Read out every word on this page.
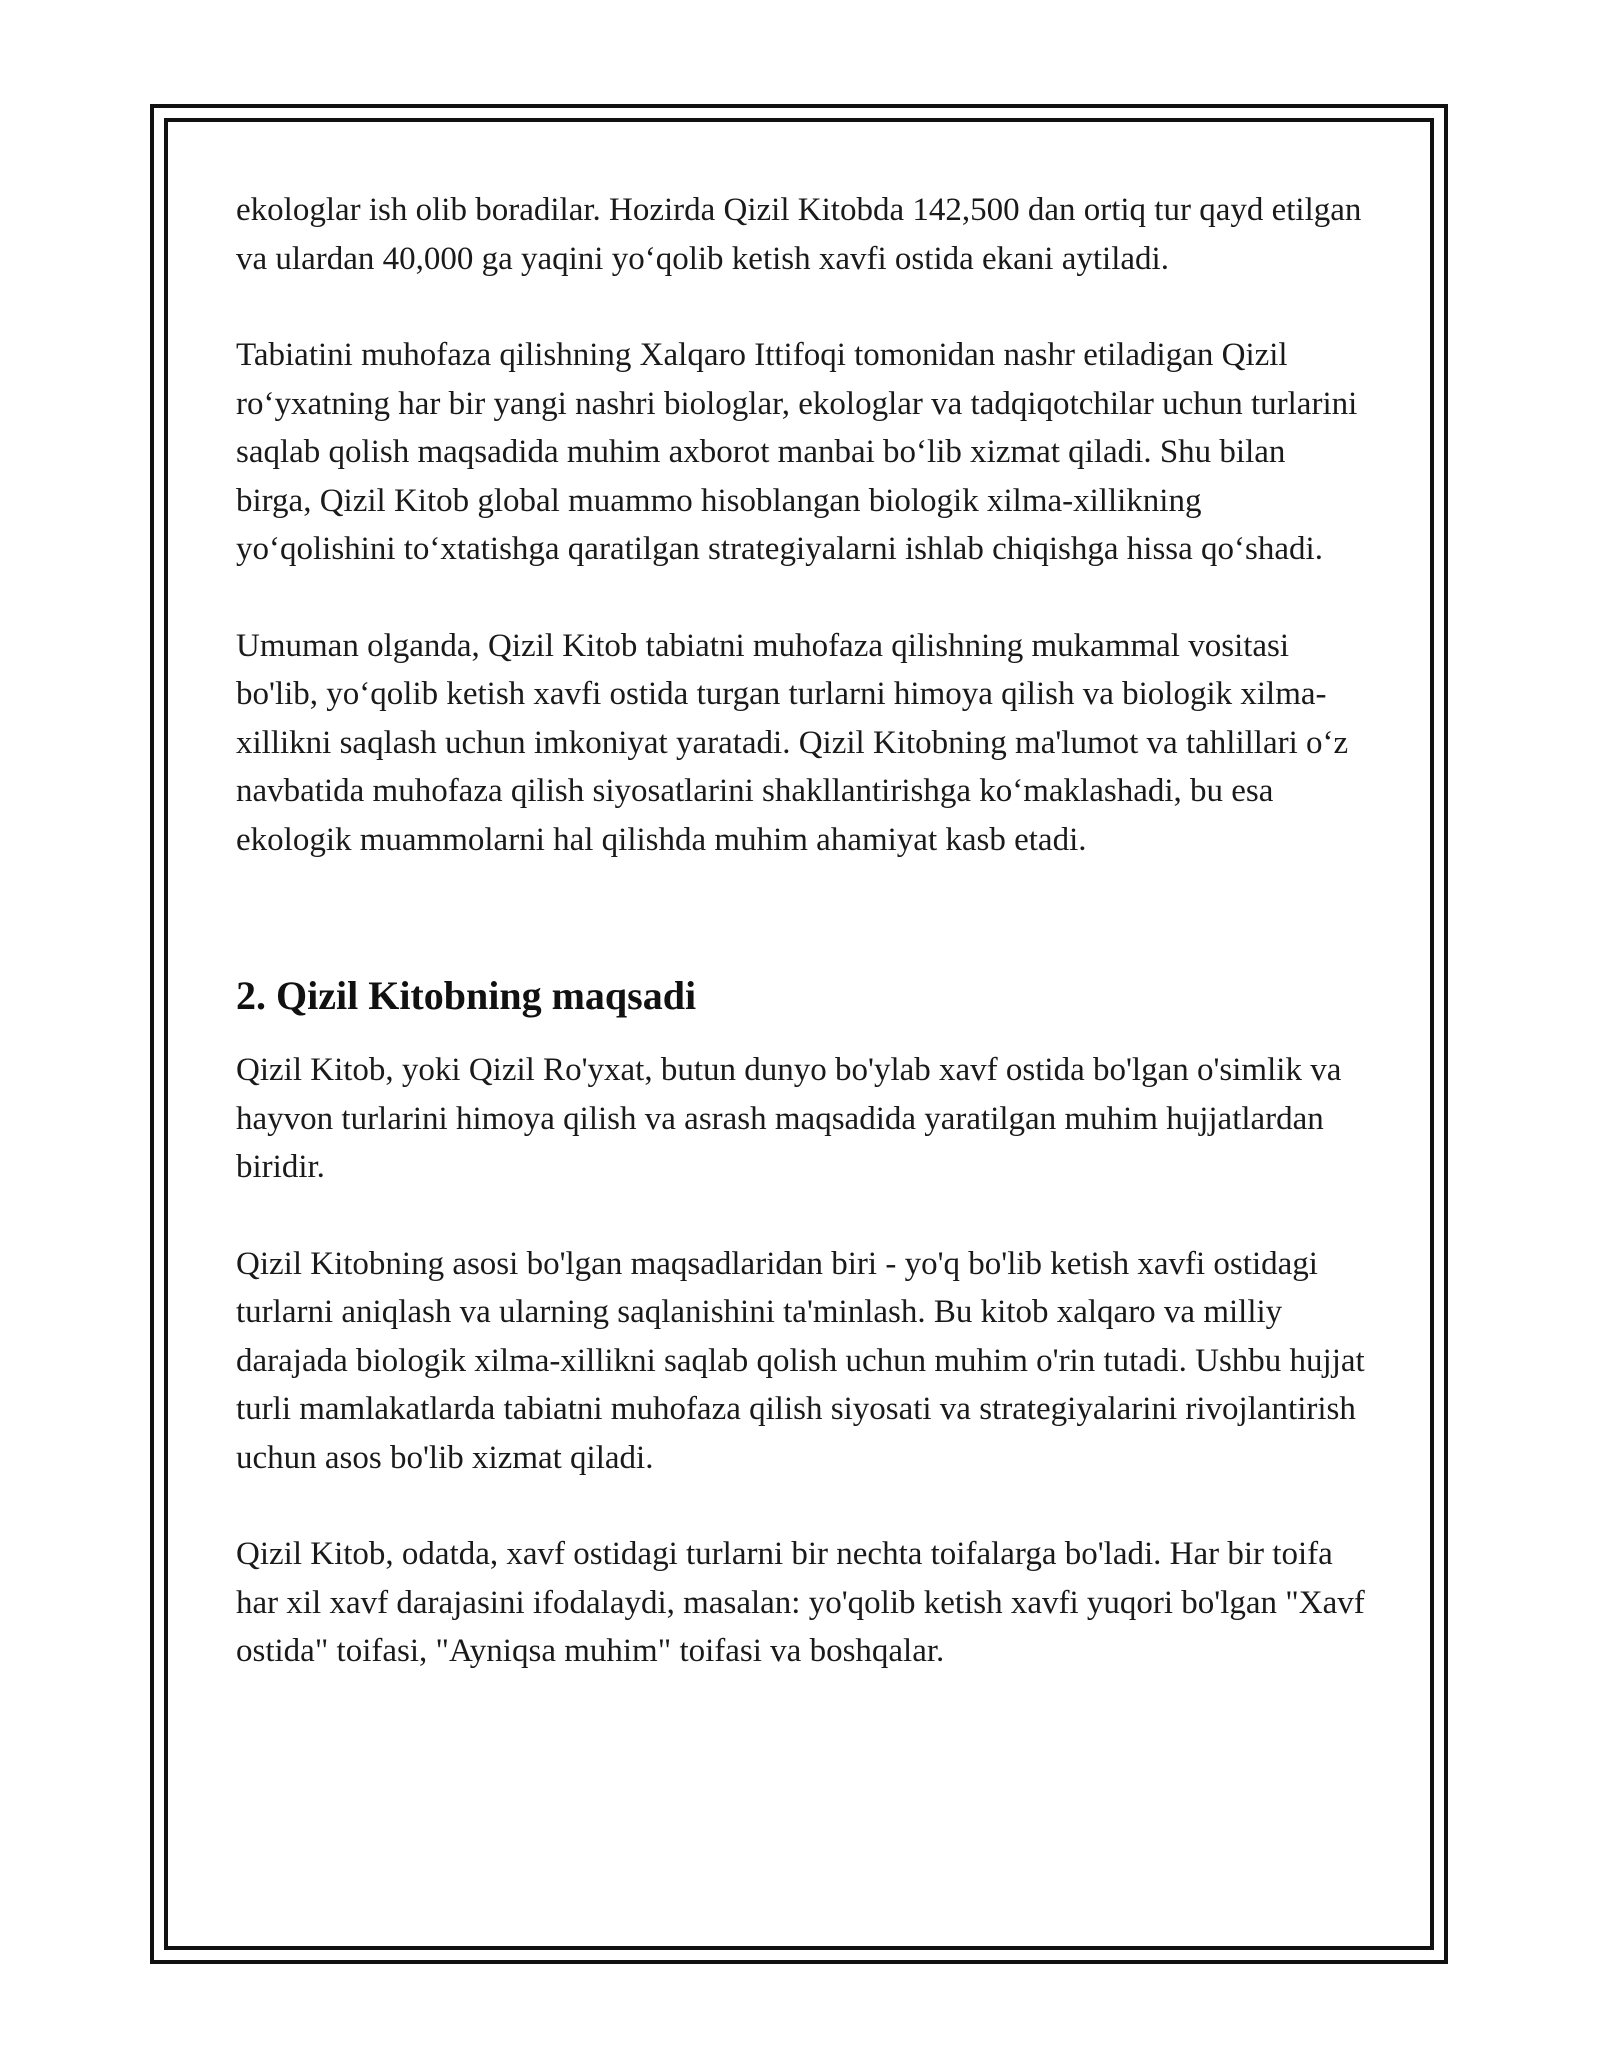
ekologlar ish olib boradilar. Hozirda Qizil Kitobda 142,500 dan ortiq tur qayd etilgan va ulardan 40,000 ga yaqini yo‘qolib ketish xavfi ostida ekani aytiladi.

Tabiatini muhofaza qilishning Xalqaro Ittifoqi tomonidan nashr etiladigan Qizil ro‘yxatning har bir yangi nashri biologlar, ekologlar va tadqiqotchilar uchun turlarini saqlab qolish maqsadida muhim axborot manbai bo‘lib xizmat qiladi. Shu bilan birga, Qizil Kitob global muammo hisoblangan biologik xilma-xillikning yo‘qolishini to‘xtatishga qaratilgan strategiyalarni ishlab chiqishga hissa qo‘shadi.

Umuman olganda, Qizil Kitob tabiatni muhofaza qilishning mukammal vositasi bo'lib, yo‘qolib ketish xavfi ostida turgan turlarni himoya qilish va biologik xilma-xillikni saqlash uchun imkoniyat yaratadi. Qizil Kitobning ma'lumot va tahlillari o‘z navbatida muhofaza qilish siyosatlarini shakllantirishga ko‘maklashadi, bu esa ekologik muammolarni hal qilishda muhim ahamiyat kasb etadi.

2. Qizil Kitobning maqsadi

Qizil Kitob, yoki Qizil Ro'yxat, butun dunyo bo'ylab xavf ostida bo'lgan o'simlik va hayvon turlarini himoya qilish va asrash maqsadida yaratilgan muhim hujjatlardan biridir.

Qizil Kitobning asosi bo'lgan maqsadlaridan biri - yo'q bo'lib ketish xavfi ostidagi turlarni aniqlash va ularning saqlanishini ta'minlash. Bu kitob xalqaro va milliy darajada biologik xilma-xillikni saqlab qolish uchun muhim o'rin tutadi. Ushbu hujjat turli mamlakatlarda tabiatni muhofaza qilish siyosati va strategiyalarini rivojlantirish uchun asos bo'lib xizmat qiladi.

Qizil Kitob, odatda, xavf ostidagi turlarni bir nechta toifalarga bo'ladi. Har bir toifa har xil xavf darajasini ifodalaydi, masalan: yo'qolib ketish xavfi yuqori bo'lgan "Xavf ostida" toifasi, "Ayniqsa muhim" toifasi va boshqalar.
